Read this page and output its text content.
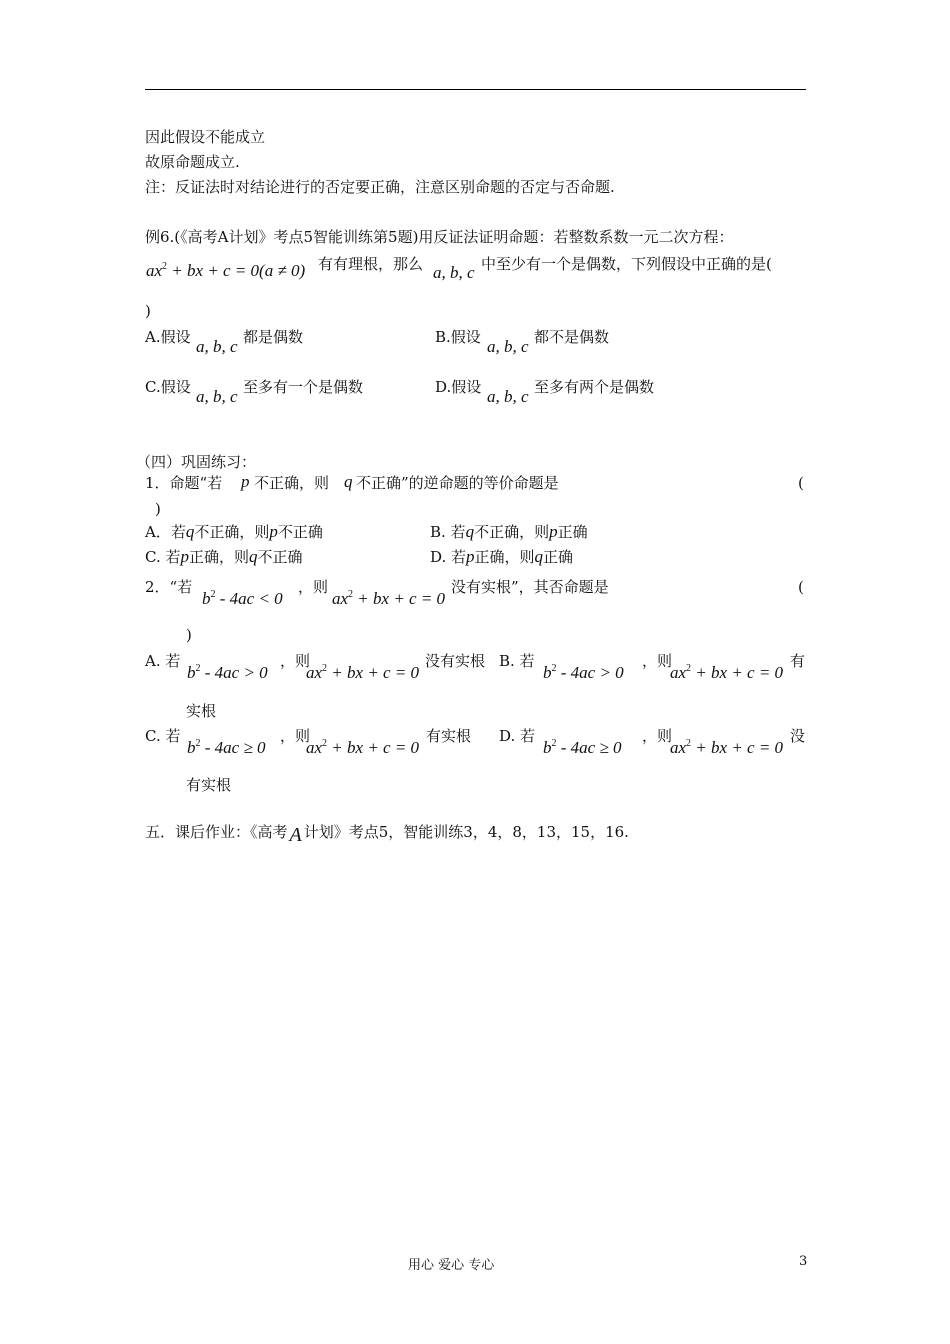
因此假设不能成立
故原命题成立.
注：反证法时对结论进行的否定要正确，注意区别命题的否定与否命题.
例6.(《高考A计划》考点5智能训练第5题)用反证法证明命题：若整数系数一元二次方程：
$ax^2$ + bx + c = 0(a ≠ 0) 有有理根，那么 a, b, c 中至少有一个是偶数，下列假设中正确的是(
)
A.假设 a, b, c 都是偶数	B.假设 a, b, c 都不是偶数
C.假设 a, b, c 至多有一个是偶数	D.假设 a, b, c 至多有两个是偶数
（四）巩固练习：
1．命题“若 p 不正确，则 q 不正确”的逆命题的等价命题是	(
)
A．若q不正确，则p不正确	B. 若q不正确，则p正确
C. 若p正确，则q不正确	D. 若p正确，则q正确
2．“若
$b^2 - 4ac < 0$
，则
$ax^2$ + bx + c = 0
没有实根”，其否命题是	(
)
A. 若
$b^2 - 4ac > 0$
，则
$ax^2$ + bx + c = 0
没有实根 B. 若
$b^2 - 4ac > 0$
，则
$ax^2$ + bx + c = 0
有
实根
C. 若
$b^2 - 4ac \ge 0$
，则
$ax^2$ + bx + c = 0
有实根 D. 若
$b^2 - 4ac \ge 0$
，则
$ax^2$ + bx + c = 0
没
有实根
五．课后作业：《高考 A 计划》考点5，智能训练3，4，8，13，15，16.
用心 爱心 专心	3
